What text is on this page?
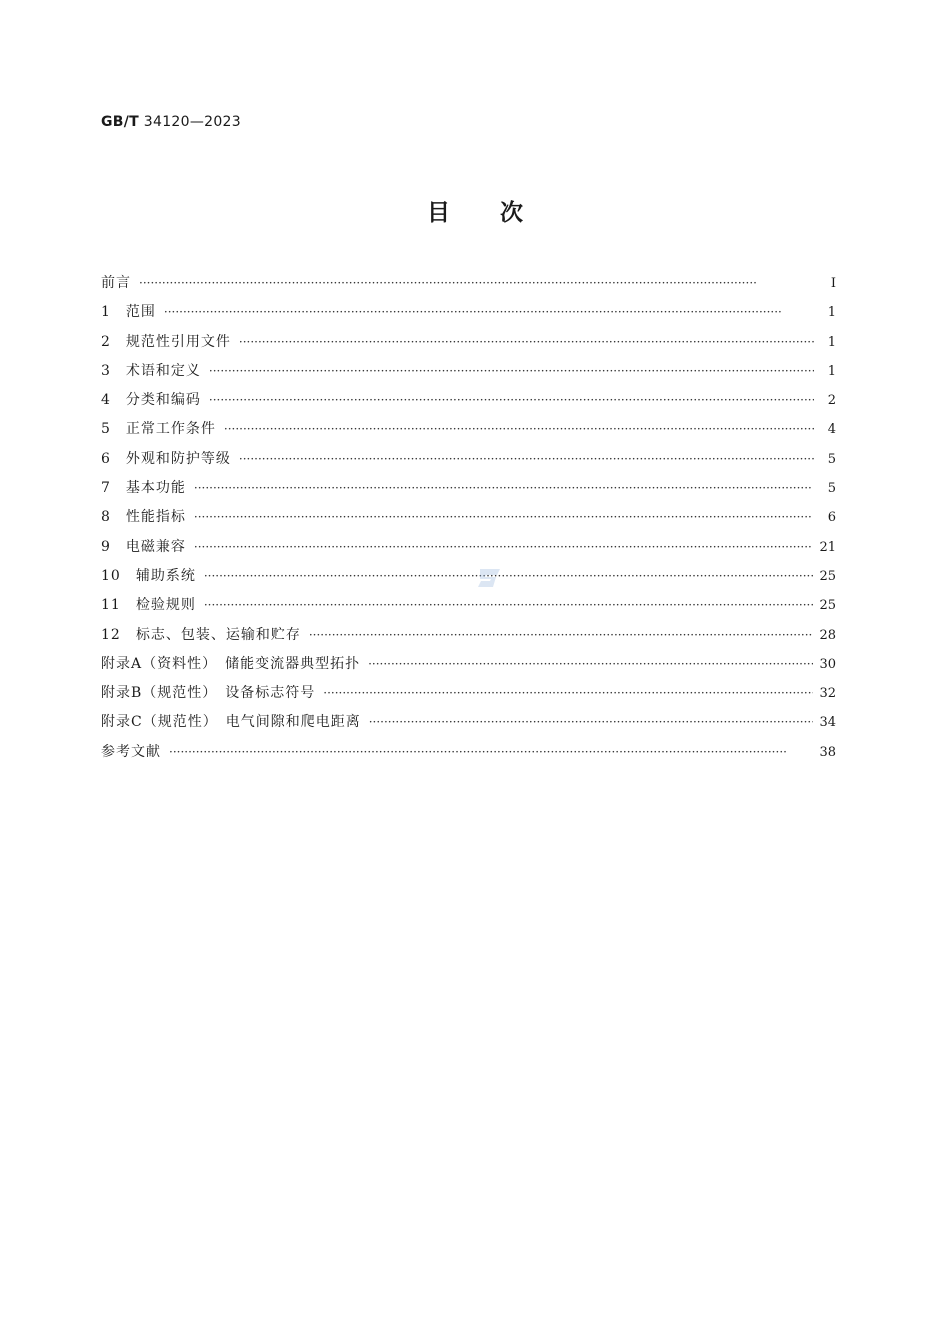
GB/T 34120—2023
目次
前言 ·····	Ⅰ
1　范围 ·····	1
2　规范性引用文件 ·····	1
3　术语和定义 ·····	1
4　分类和编码 ·····	2
5　正常工作条件 ·····	4
6　外观和防护等级 ·····	5
7　基本功能 ·····	5
8　性能指标 ·····	6
9　电磁兼容 ·····	21
10　辅助系统 ·····	25
11　检验规则 ·····	25
12　标志、包装、运输和贮存 ·····	28
附录A（资料性）　储能变流器典型拓扑 ·····	30
附录B（规范性）　设备标志符号 ·····	32
附录C（规范性）　电气间隙和爬电距离 ·····	34
参考文献 ·····	38
